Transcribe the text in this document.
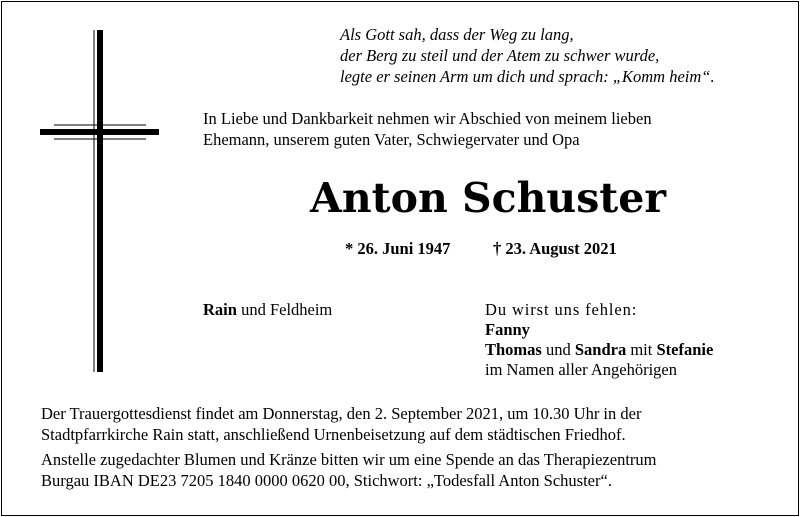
Als Gott sah, dass der Weg zu lang,
der Berg zu steil und der Atem zu schwer wurde,
legte er seinen Arm um dich und sprach: „Komm heim“.
In Liebe und Dankbarkeit nehmen wir Abschied von meinem lieben
Ehemann, unserem guten Vater, Schwiegervater und Opa
Anton Schuster
* 26. Juni 1947	† 23. August 2021
Rain und Feldheim	Du wirst uns fehlen:
Fanny
Thomas und Sandra mit Stefanie
im Namen aller Angehörigen
Der Trauergottesdienst findet am Donnerstag, den 2. September 2021, um 10.30 Uhr in der
Stadtpfarrkirche Rain statt, anschließend Urnenbeisetzung auf dem städtischen Friedhof.
Anstelle zugedachter Blumen und Kränze bitten wir um eine Spende an das Therapiezentrum
Burgau IBAN DE23 7205 1840 0000 0620 00, Stichwort: „Todesfall Anton Schuster“.
